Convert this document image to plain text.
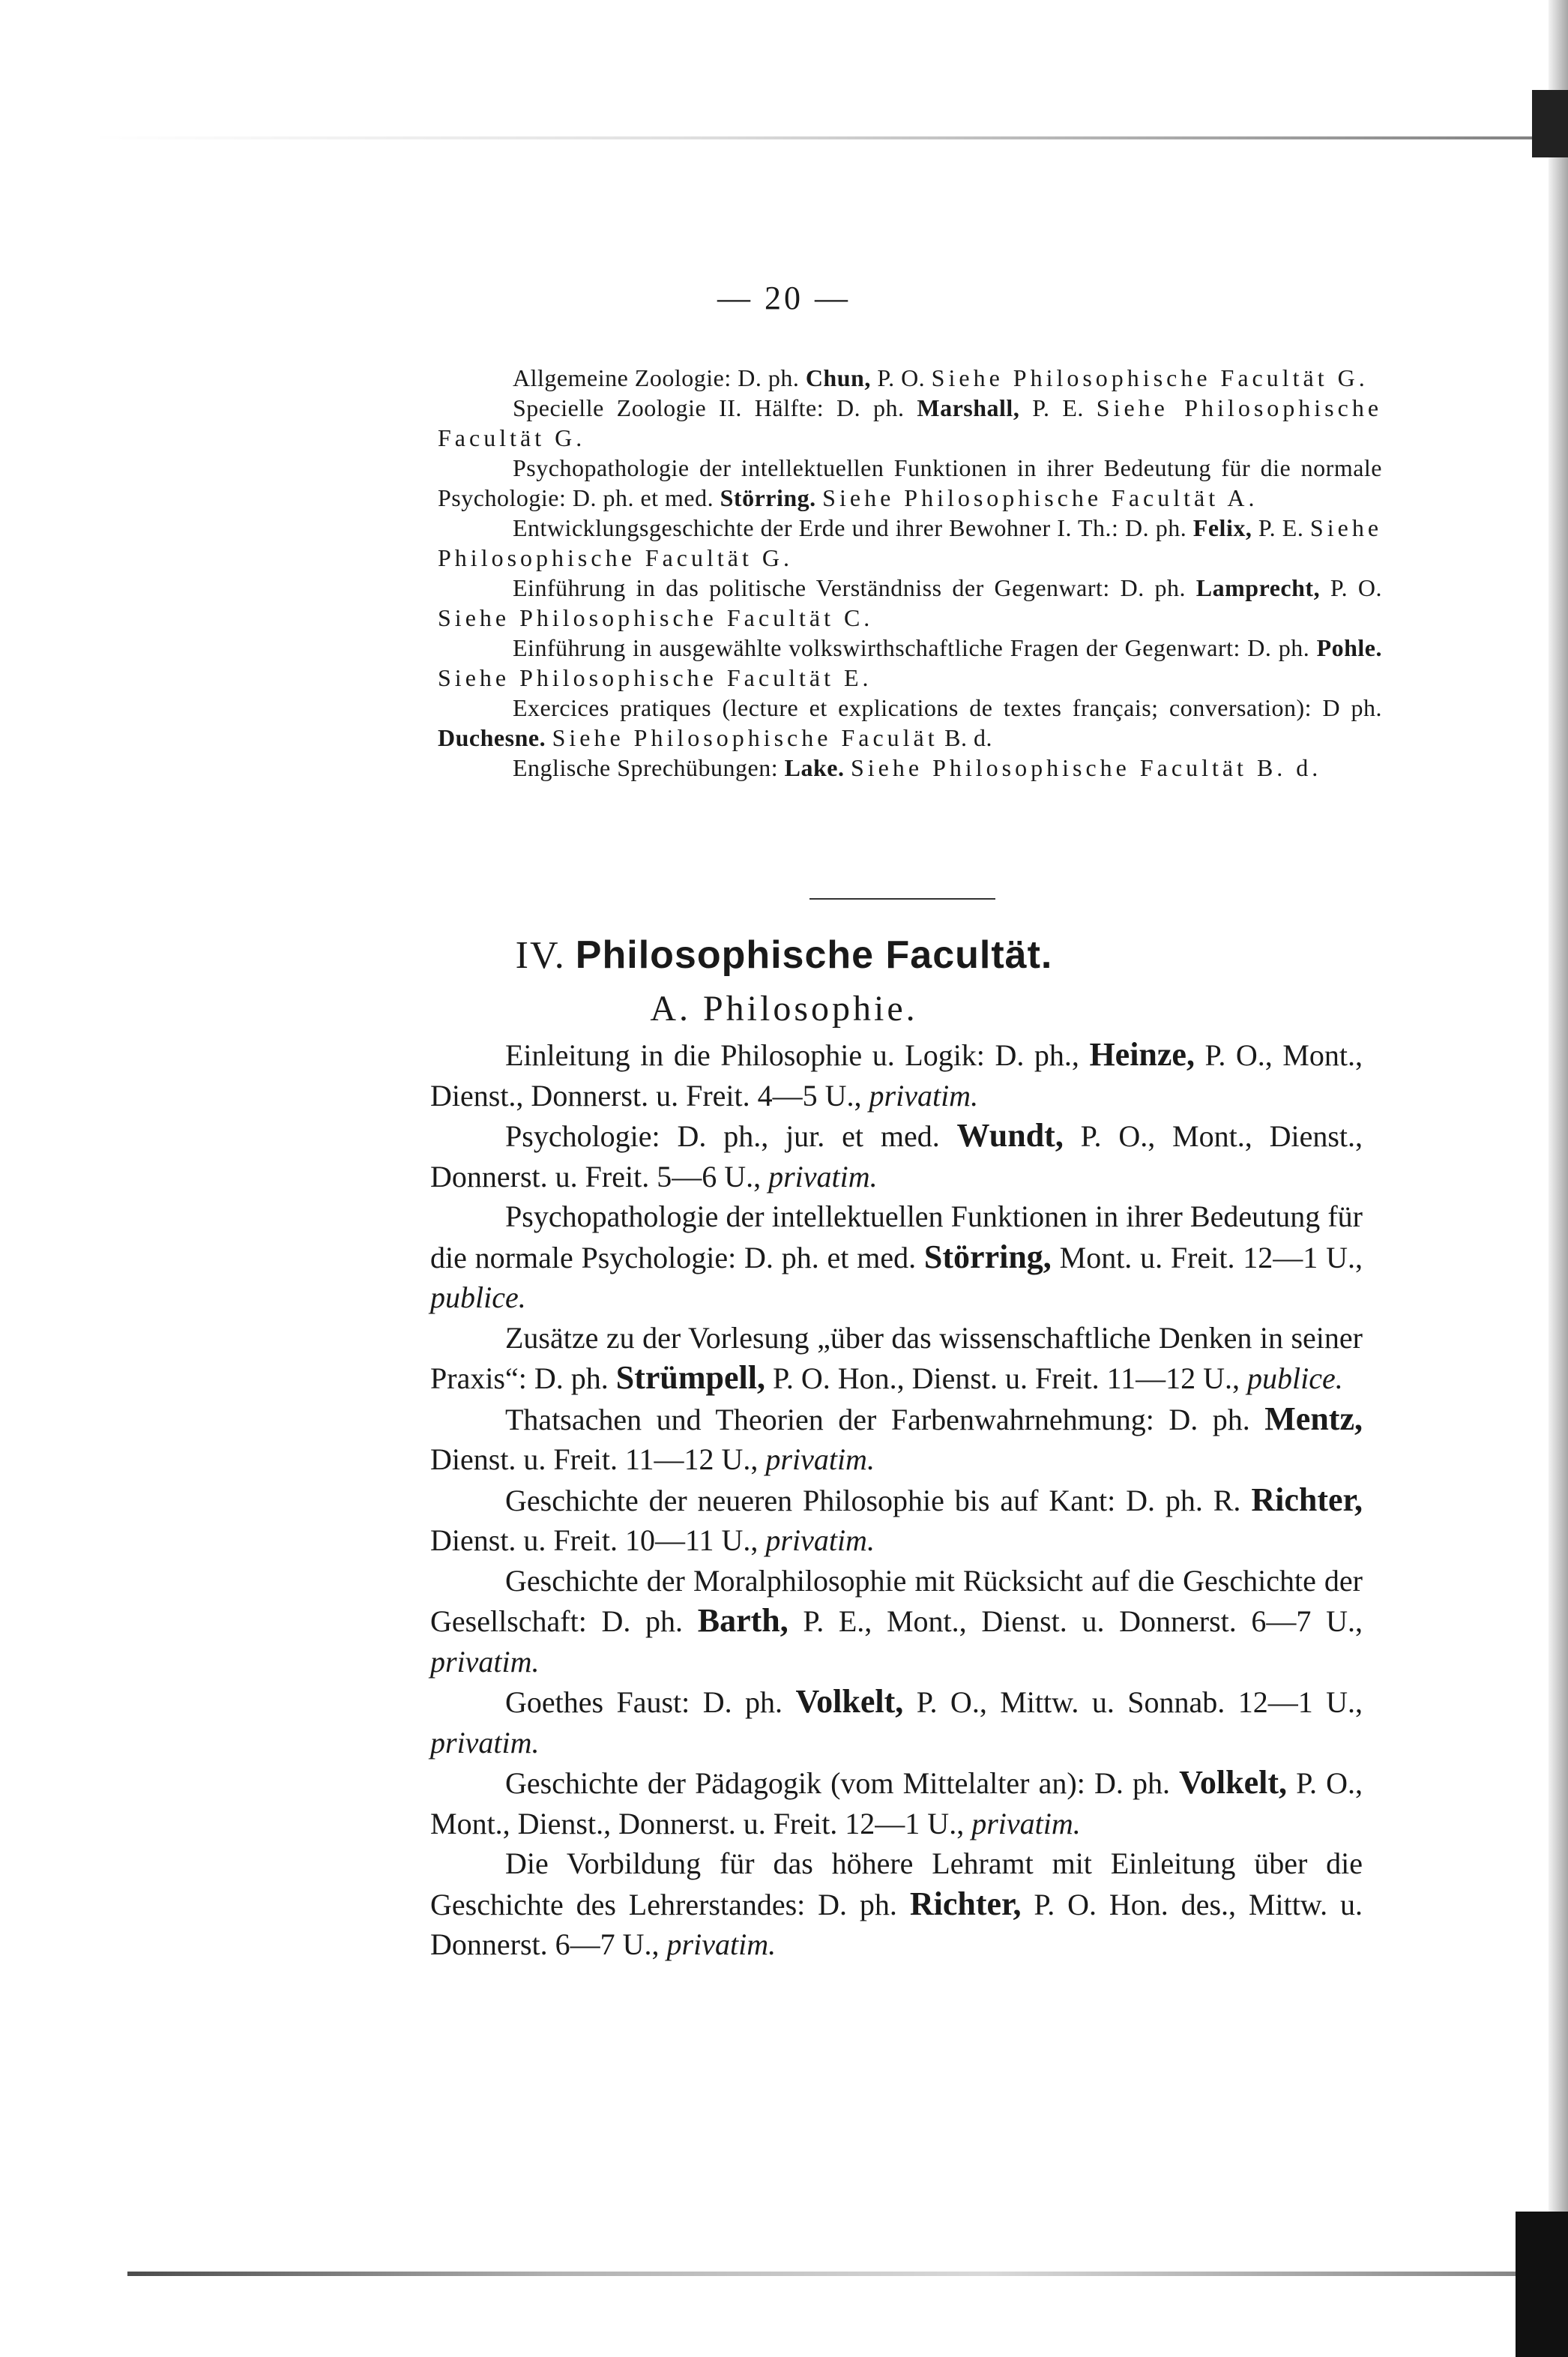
— 20 —

Allgemeine Zoologie: D. ph. Chun, P. O. Siehe Philosophische Facultät G.

Specielle Zoologie II. Hälfte: D. ph. Marshall, P. E. Siehe Philosophische Facultät G.

Psychopathologie der intellektuellen Funktionen in ihrer Bedeutung für die normale Psychologie: D. ph. et med. Störring. Siehe Philosophische Facultät A.

Entwicklungsgeschichte der Erde und ihrer Bewohner I. Th.: D. ph. Felix, P. E. Siehe Philosophische Facultät G.

Einführung in das politische Verständniss der Gegenwart: D. ph. Lamprecht, P. O. Siehe Philosophische Facultät C.

Einführung in ausgewählte volkswirthschaftliche Fragen der Gegenwart: D. ph. Pohle. Siehe Philosophische Facultät E.

Exercices pratiques (lecture et explications de textes français; conversation): D ph. Duchesne. Siehe Philosophische Faculät B. d.

Englische Sprechübungen: Lake. Siehe Philosophische Facultät B. d.

IV. Philosophische Facultät.
A. Philosophie.

Einleitung in die Philosophie u. Logik: D. ph., Heinze, P. O., Mont., Dienst., Donnerst. u. Freit. 4—5 U., privatim.

Psychologie: D. ph., jur. et med. Wundt, P. O., Mont., Dienst., Donnerst. u. Freit. 5—6 U., privatim.

Psychopathologie der intellektuellen Funktionen in ihrer Bedeutung für die normale Psychologie: D. ph. et med. Störring, Mont. u. Freit. 12—1 U., publice.

Zusätze zu der Vorlesung „über das wissenschaftliche Denken in seiner Praxis“: D. ph. Strümpell, P. O. Hon., Dienst. u. Freit. 11—12 U., publice.

Thatsachen und Theorien der Farbenwahrnehmung: D. ph. Mentz, Dienst. u. Freit. 11—12 U., privatim.

Geschichte der neueren Philosophie bis auf Kant: D. ph. R. Richter, Dienst. u. Freit. 10—11 U., privatim.

Geschichte der Moralphilosophie mit Rücksicht auf die Geschichte der Gesellschaft: D. ph. Barth, P. E., Mont., Dienst. u. Donnerst. 6—7 U., privatim.

Goethes Faust: D. ph. Volkelt, P. O., Mittw. u. Sonnab. 12—1 U., privatim.

Geschichte der Pädagogik (vom Mittelalter an): D. ph. Volkelt, P. O., Mont., Dienst., Donnerst. u. Freit. 12—1 U., privatim.

Die Vorbildung für das höhere Lehramt mit Einleitung über die Geschichte des Lehrerstandes: D. ph. Richter, P. O. Hon. des., Mittw. u. Donnerst. 6—7 U., privatim.
